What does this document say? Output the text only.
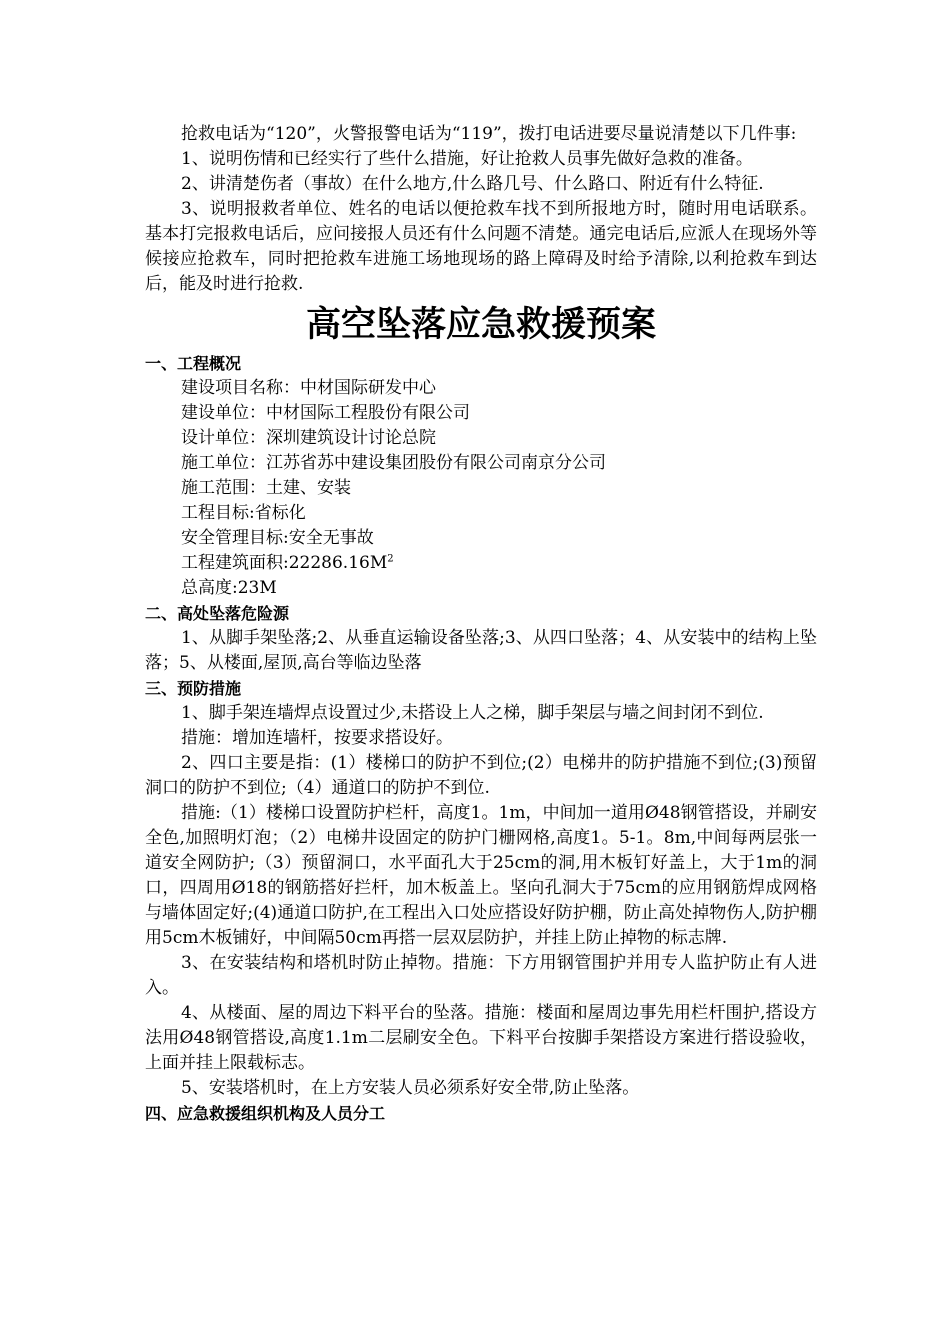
抢救电话为“120”，火警报警电话为“119”，拨打电话进要尽量说清楚以下几件事:

1、说明伤情和已经实行了些什么措施，好让抢救人员事先做好急救的准备。

2、讲清楚伤者（事故）在什么地方,什么路几号、什么路口、附近有什么特征.

3、说明报救者单位、姓名的电话以便抢救车找不到所报地方时，随时用电话联系。基本打完报救电话后，应问接报人员还有什么问题不清楚。通完电话后,应派人在现场外等候接应抢救车，同时把抢救车进施工场地现场的路上障碍及时给予清除,以利抢救车到达后，能及时进行抢救.

高空坠落应急救援预案
一、工程概况
建设项目名称：中材国际研发中心
建设单位：中材国际工程股份有限公司
设计单位：深圳建筑设计讨论总院
施工单位：江苏省苏中建设集团股份有限公司南京分公司
施工范围：土建、安装
工程目标:省标化
安全管理目标:安全无事故
工程建筑面积$:22286.16M^2$
总高度:23M
二、高处坠落危险源

1、从脚手架坠落;2、从垂直运输设备坠落;3、从四口坠落；4、从安装中的结构上坠落；5、从楼面,屋顶,高台等临边坠落

三、预防措施

1、脚手架连墙焊点设置过少,未搭设上人之梯，脚手架层与墙之间封闭不到位.

措施：增加连墙杆，按要求搭设好。

2、四口主要是指：(1）楼梯口的防护不到位;(2）电梯井的防护措施不到位;(3)预留洞口的防护不到位;（4）通道口的防护不到位.

措施:（1）楼梯口设置防护栏杆，高度1。1m，中间加一道用Ø48钢管搭设，并刷安全色,加照明灯泡；（2）电梯井设固定的防护门栅网格,高度1。5-1。8m,中间每两层张一道安全网防护;（3）预留洞口，水平面孔大于25cm的洞,用木板钉好盖上，大于1m的洞口，四周用Ø18的钢筋搭好拦杆，加木板盖上。坚向孔洞大于75cm的应用钢筋焊成网格与墙体固定好;(4)通道口防护,在工程出入口处应搭设好防护棚，防止高处掉物伤人,防护棚用5cm木板铺好，中间隔50cm再搭一层双层防护，并挂上防止掉物的标志牌.

3、在安装结构和塔机时防止掉物。措施：下方用钢管围护并用专人监护防止有人进入。

4、从楼面、屋的周边下料平台的坠落。措施：楼面和屋周边事先用栏杆围护,搭设方法用Ø48钢管搭设,高度1.1m二层刷安全色。下料平台按脚手架搭设方案进行搭设验收，上面并挂上限载标志。

5、安装塔机时，在上方安装人员必须系好安全带,防止坠落。

四、应急救援组织机构及人员分工
